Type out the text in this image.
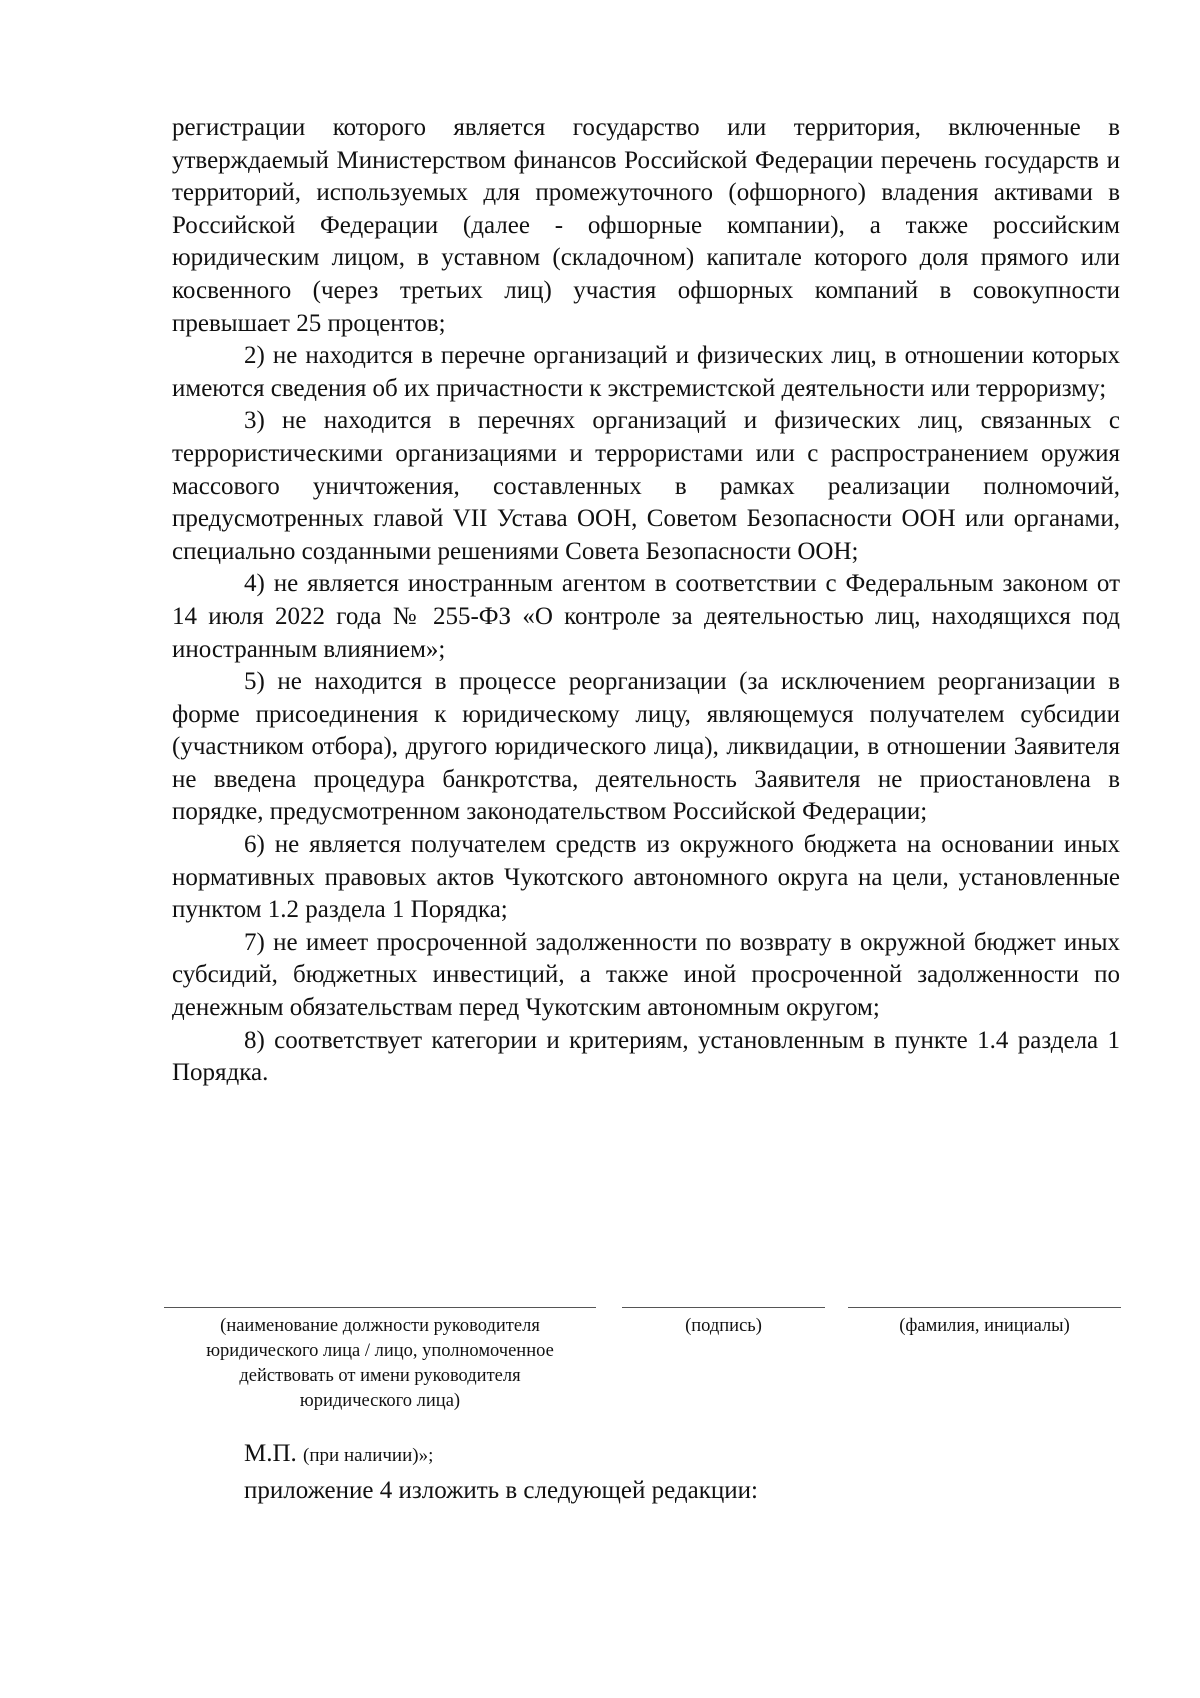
регистрации которого является государство или территория, включенные в утверждаемый Министерством финансов Российской Федерации перечень государств и территорий, используемых для промежуточного (офшорного) владения активами в Российской Федерации (далее - офшорные компании), а также российским юридическим лицом, в уставном (складочном) капитале которого доля прямого или косвенного (через третьих лиц) участия офшорных компаний в совокупности превышает 25 процентов;

2) не находится в перечне организаций и физических лиц, в отношении которых имеются сведения об их причастности к экстремистской деятельности или терроризму;

3) не находится в перечнях организаций и физических лиц, связанных с террористическими организациями и террористами или с распространением оружия массового уничтожения, составленных в рамках реализации полномочий, предусмотренных главой VII Устава ООН, Советом Безопасности ООН или органами, специально созданными решениями Совета Безопасности ООН;

4) не является иностранным агентом в соответствии с Федеральным законом от 14 июля 2022 года № 255-ФЗ «О контроле за деятельностью лиц, находящихся под иностранным влиянием»;

5) не находится в процессе реорганизации (за исключением реорганизации в форме присоединения к юридическому лицу, являющемуся получателем субсидии (участником отбора), другого юридического лица), ликвидации, в отношении Заявителя не введена процедура банкротства, деятельность Заявителя не приостановлена в порядке, предусмотренном законодательством Российской Федерации;

6) не является получателем средств из окружного бюджета на основании иных нормативных правовых актов Чукотского автономного округа на цели, установленные пунктом 1.2 раздела 1 Порядка;

7) не имеет просроченной задолженности по возврату в окружной бюджет иных субсидий, бюджетных инвестиций, а также иной просроченной задолженности по денежным обязательствам перед Чукотским автономным округом;

8) соответствует категории и критериям, установленным в пункте 1.4 раздела 1 Порядка.

(наименование должности руководителя
юридического лица / лицо, уполномоченное
действовать от имени руководителя
юридического лица)
(подпись)	(фамилия, инициалы)
М.П. (при наличии)»;
приложение 4 изложить в следующей редакции:
